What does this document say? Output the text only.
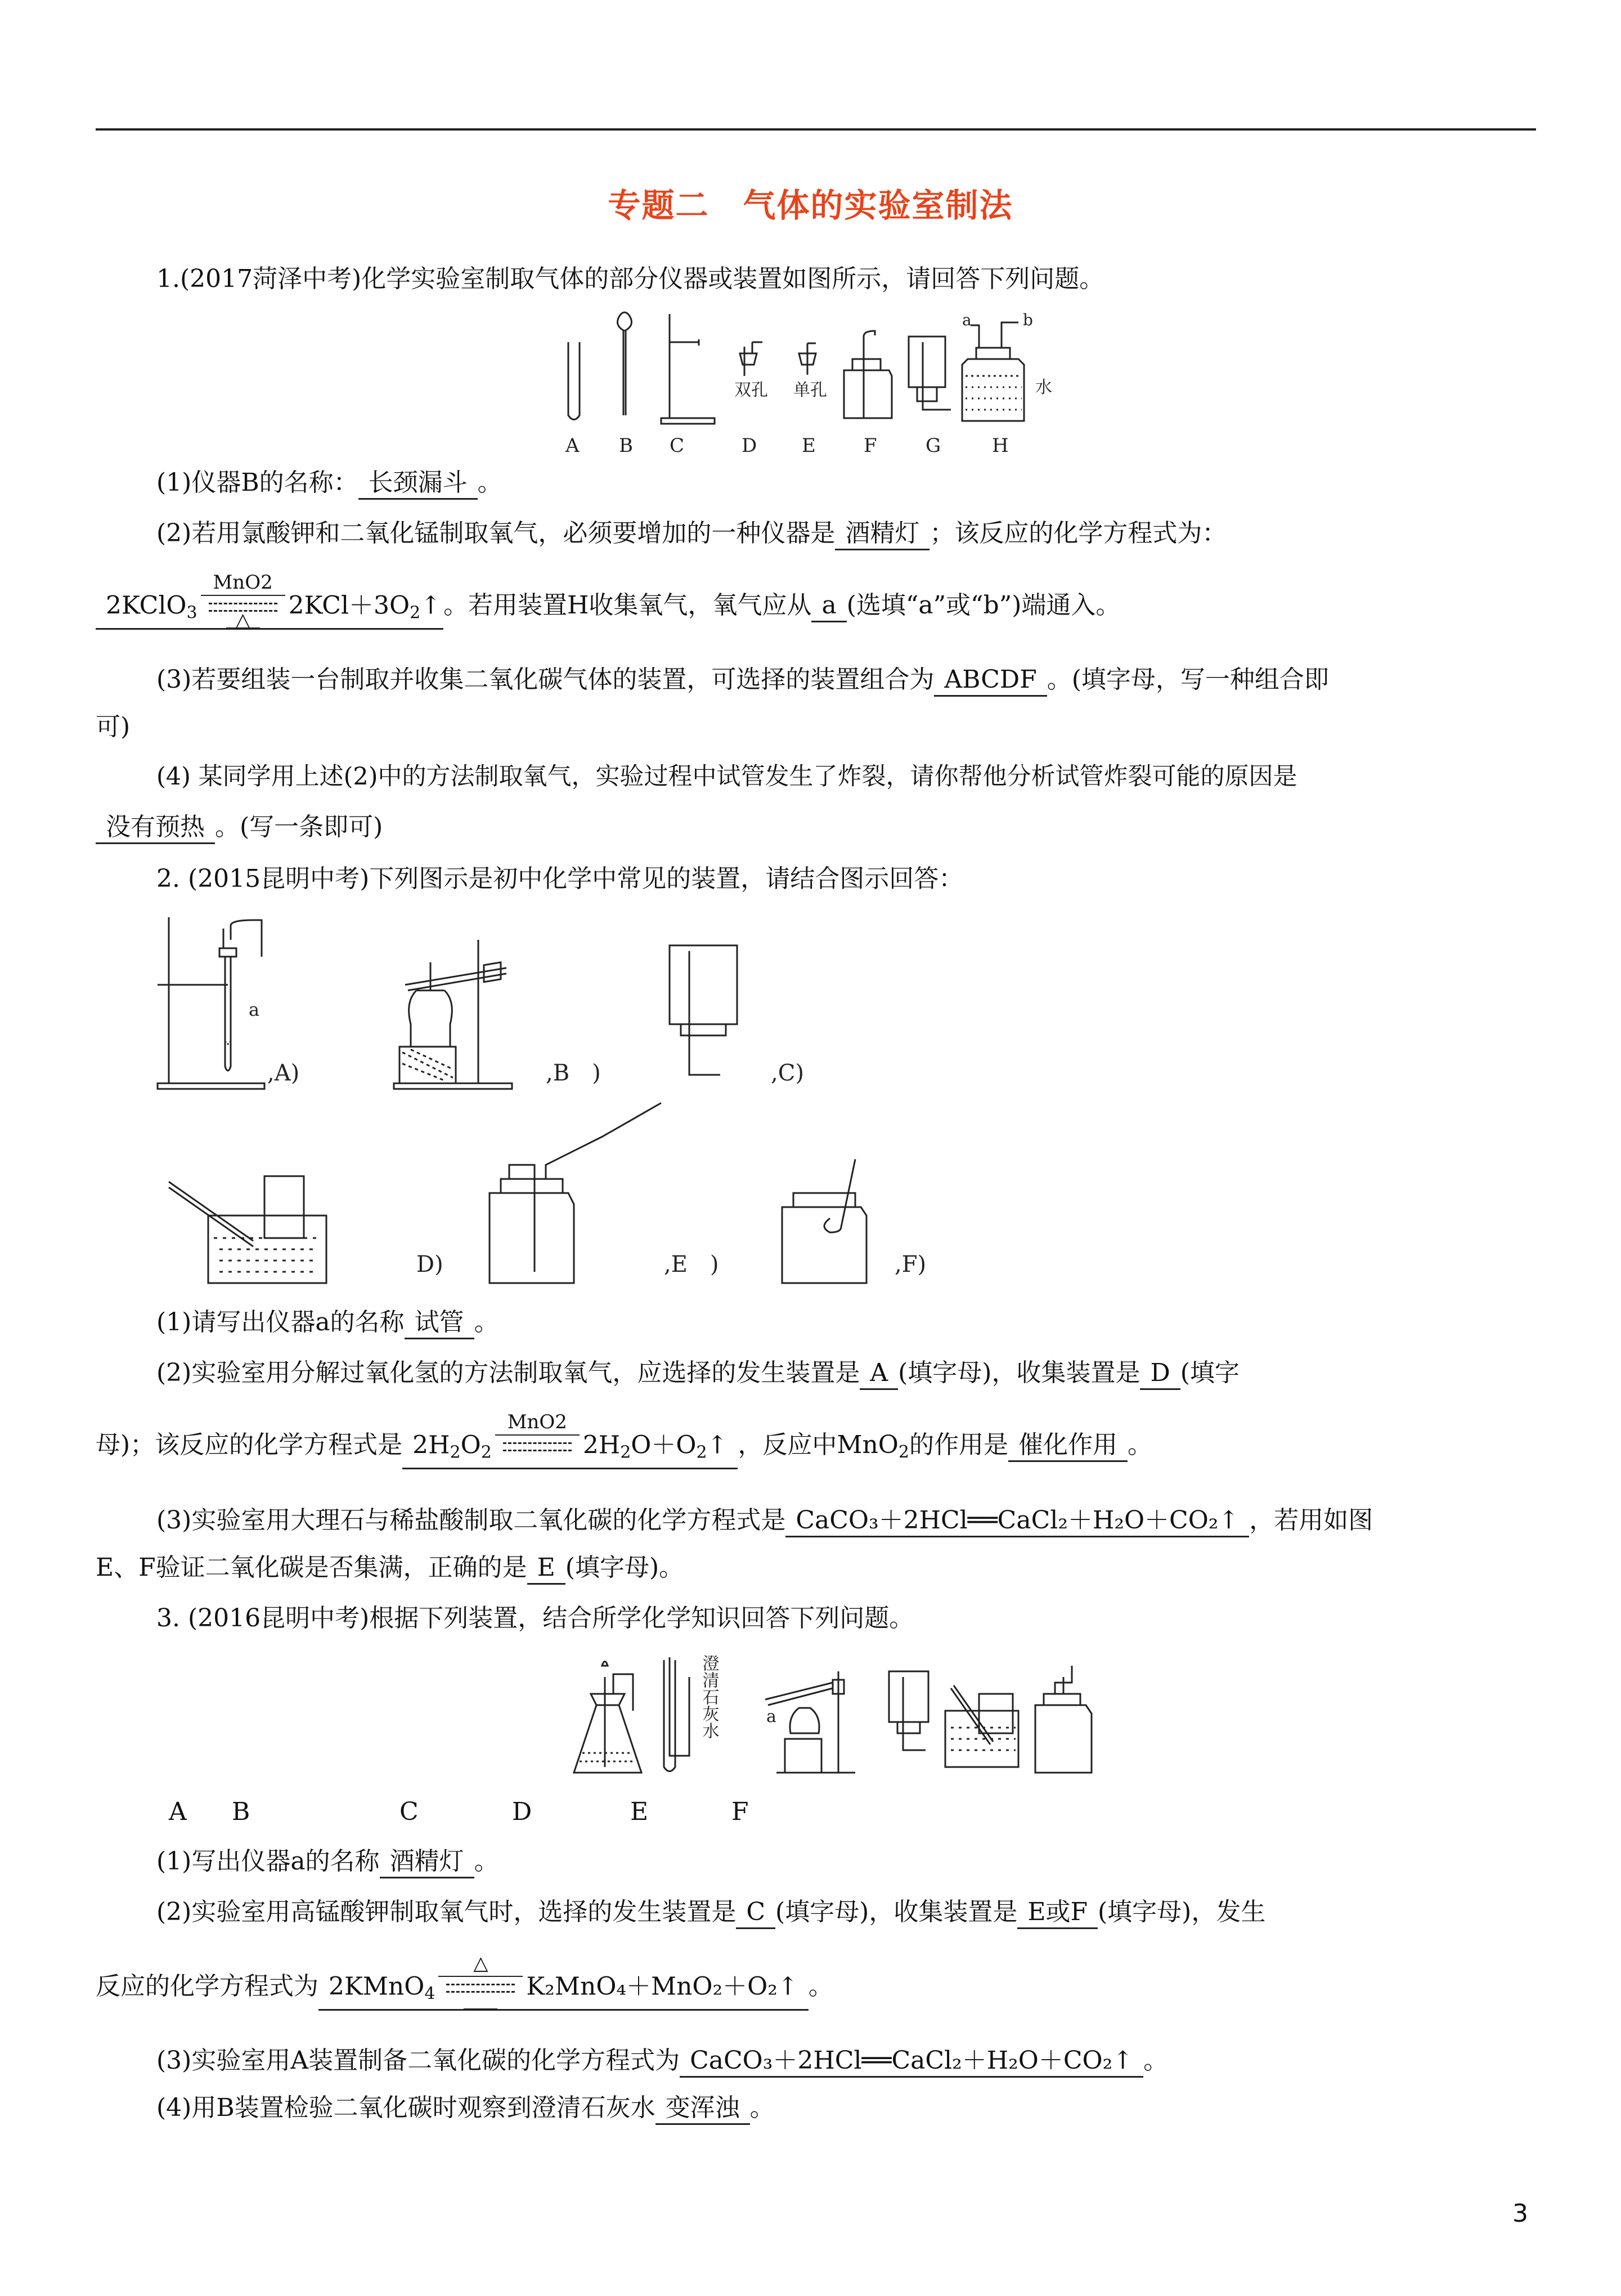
专题二　气体的实验室制法
1.(2017菏泽中考)化学实验室制取气体的部分仪器或装置如图所示，请回答下列问题。
双孔 单孔
a	b
水
A B C	D E	F	G	H
(1)仪器B的名称： 长颈漏斗 。
(2)若用氯酸钾和二氧化锰制取氧气，必须要增加的一种仪器是 酒精灯 ；该反应的化学方程式为：
2KClO$_3$
MnO2
△
$2KCl+3O_2↑$。若用装置H收集氧气，氧气应从 a (选填“a”或“b”)端通入。
(3)若要组装一台制取并收集二氧化碳气体的装置，可选择的装置组合为 ABCDF 。(填字母，写一种组合即
可)
(4) 某同学用上述(2)中的方法制取氧气，实验过程中试管发生了炸裂，请你帮他分析试管炸裂可能的原因是
没有预热 。(写一条即可)
2. (2015昆明中考)下列图示是初中化学中常见的装置，请结合图示回答：
a
,A)	,B　)	,C)
D)	,E　)	,F)
(1)请写出仪器a的名称 试管 。
(2)实验室用分解过氧化氢的方法制取氧气，应选择的发生装置是 A (填字母)，收集装置是 D (填字
母)；该反应的化学方程式是 $2H_2O_2$
MnO2
$2H_2O+O_2↑$ ，反应中MnO$_2$的作用是 催化作用 。
(3)实验室用大理石与稀盐酸制取二氧化碳的化学方程式是 CaCO₃＋2HCl══CaCl₂＋H₂O＋CO₂↑ ，若用如图
E、F验证二氧化碳是否集满，正确的是 E (填字母)。
3. (2016昆明中考)根据下列装置，结合所学化学知识回答下列问题。
澄清石灰水	a
A B	C	D	E	F
(1)写出仪器a的名称 酒精灯 。
(2)实验室用高锰酸钾制取氧气时，选择的发生装置是 C (填字母)，收集装置是 E或F (填字母)，发生
反应的化学方程式为 2KMnO$_4$
△
K₂MnO₄＋MnO₂＋O₂↑ 。
(3)实验室用A装置制备二氧化碳的化学方程式为 CaCO₃＋2HCl══CaCl₂＋H₂O＋CO₂↑ 。
(4)用B装置检验二氧化碳时观察到澄清石灰水 变浑浊 。
3
